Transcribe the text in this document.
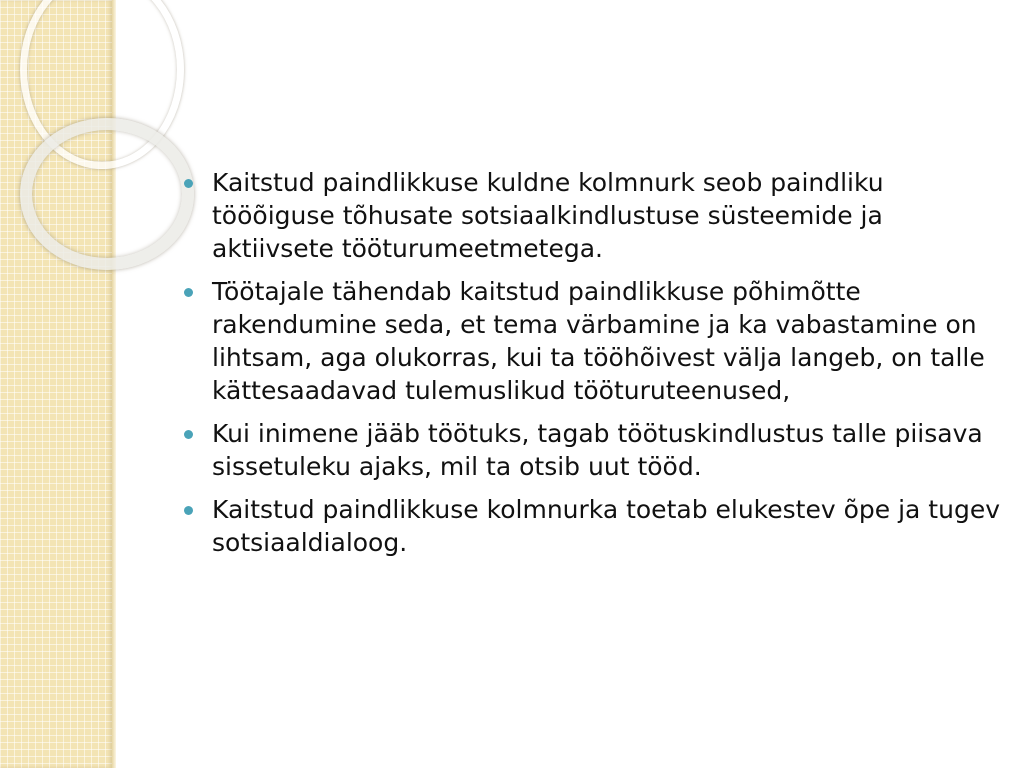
Kaitstud paindlikkuse kuldne kolmnurk seob paindliku tööõiguse tõhusate sotsiaalkindlustuse süsteemide ja aktiivsete tööturumeetmetega.
Töötajale tähendab kaitstud paindlikkuse põhimõtte rakendumine seda, et tema värbamine ja ka vabastamine on lihtsam, aga olukorras, kui ta tööhõivest välja langeb, on talle kättesaadavad tulemuslikud tööturuteenused,
Kui inimene jääb töötuks, tagab töötuskindlustus talle piisava sissetuleku ajaks, mil ta otsib uut tööd.
Kaitstud paindlikkuse kolmnurka toetab elukestev õpe ja tugev sotsiaaldialoog.
